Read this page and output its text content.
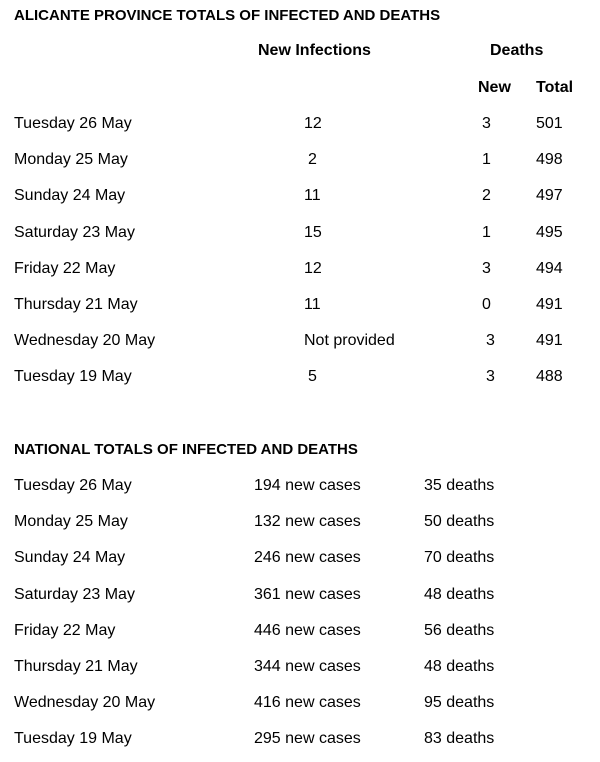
ALICANTE PROVINCE TOTALS OF INFECTED AND DEATHS
New Infections	Deaths
New Total
Tuesday 26 May	12	3	501
Monday 25 May	2	1	498
Sunday 24 May	11	2	497
Saturday 23 May	15	1	495
Friday 22 May	12	3	494
Thursday 21 May	11	0	491
Wednesday 20 May	Not provided	3	491
Tuesday 19 May	5	3	488
NATIONAL TOTALS OF INFECTED AND DEATHS
Tuesday 26 May	194 new cases	35 deaths
Monday 25 May	132 new cases	50 deaths
Sunday 24 May	246 new cases	70 deaths
Saturday 23 May	361 new cases	48 deaths
Friday 22 May	446 new cases	56 deaths
Thursday 21 May	344 new cases	48 deaths
Wednesday 20 May	416 new cases	95 deaths
Tuesday 19 May	295 new cases	83 deaths
